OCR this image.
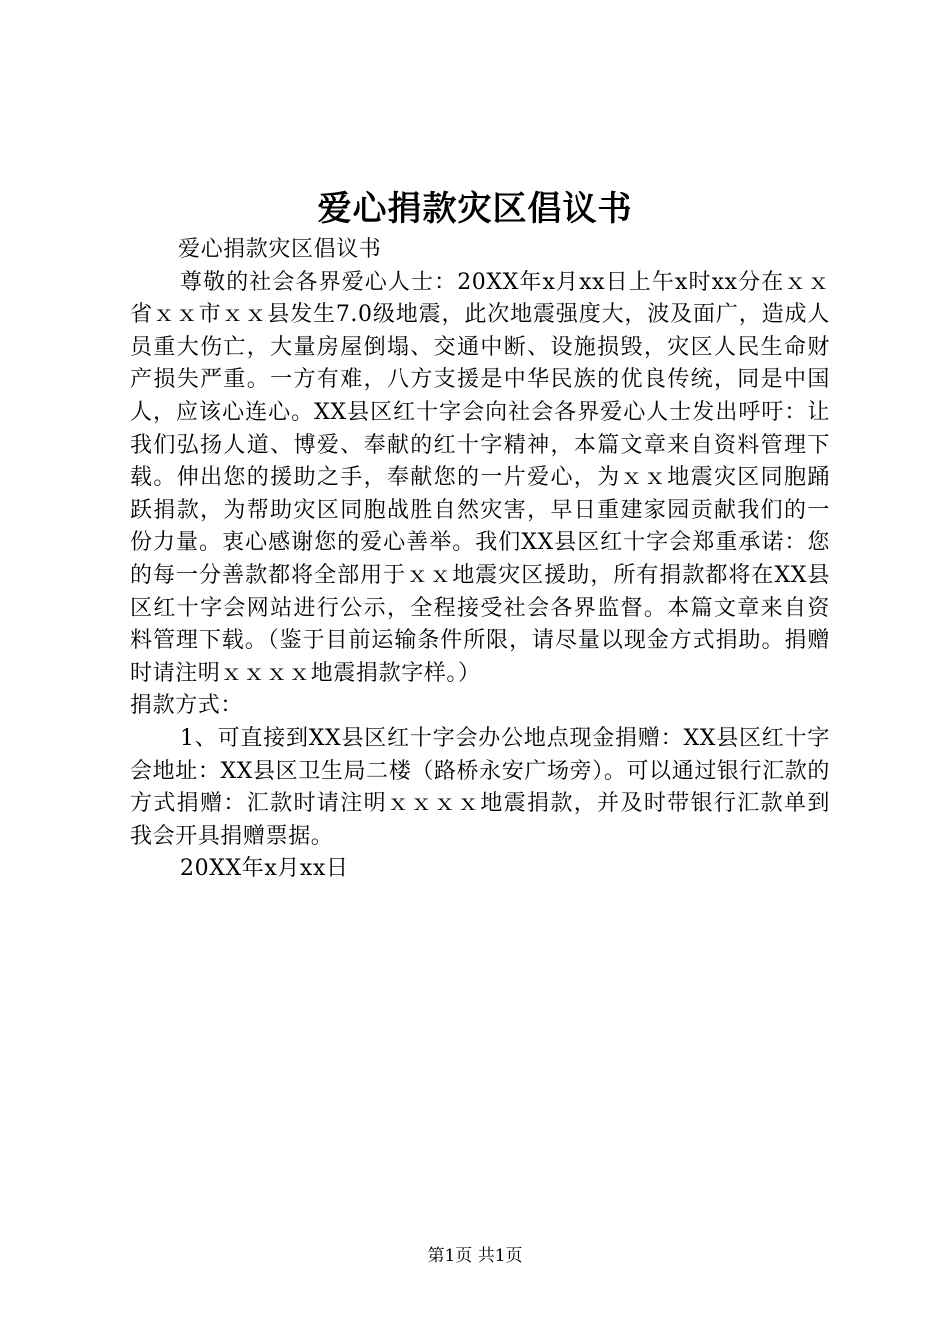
爱心捐款灾区倡议书

爱心捐款灾区倡议书

尊敬的社会各界爱心人士：20XX年x月xx日上午x时xx分在ｘｘ省ｘｘ市ｘｘ县发生7.0级地震，此次地震强度大，波及面广，造成人员重大伤亡，大量房屋倒塌、交通中断、设施损毁，灾区人民生命财产损失严重。一方有难，八方支援是中华民族的优良传统，同是中国人，应该心连心。XX县区红十字会向社会各界爱心人士发出呼吁：让我们弘扬人道、博爱、奉献的红十字精神，本篇文章来自资料管理下载。伸出您的援助之手，奉献您的一片爱心，为ｘｘ地震灾区同胞踊跃捐款，为帮助灾区同胞战胜自然灾害，早日重建家园贡献我们的一份力量。衷心感谢您的爱心善举。我们XX县区红十字会郑重承诺：您的每一分善款都将全部用于ｘｘ地震灾区援助，所有捐款都将在XX县区红十字会网站进行公示，全程接受社会各界监督。本篇文章来自资料管理下载。（鉴于目前运输条件所限，请尽量以现金方式捐助。捐赠时请注明ｘｘｘｘ地震捐款字样。）

捐款方式：

1、可直接到XX县区红十字会办公地点现金捐赠：XX县区红十字会地址：XX县区卫生局二楼（路桥永安广场旁）。可以通过银行汇款的方式捐赠：汇款时请注明ｘｘｘｘ地震捐款，并及时带银行汇款单到我会开具捐赠票据。

20XX年x月xx日

第1页 共1页
